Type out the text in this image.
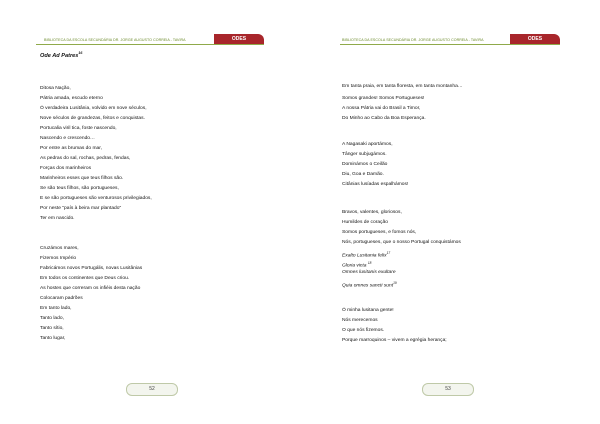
BIBLIOTECA DA ESCOLA SECUNDÁRIA DR. JORGE AUGUSTO CORREIA - TAVIRA	ODES
Ode Ad Patres$^{16}$
Ditosa Nação,
Pátria amada, escudo eterno
Ó verdadeira Lusitânia, volvido em nove séculos,
Nove séculos de grandezas, feitos e conquistas.
Portucalia viril tica, foste nascendo,
Nascendo e crescendo…
Por entre as brumas do mar,
As pedras do sal, rochas, pedras, fendas,
Forças dos marinheiros
Marinheiros esses que teus filhos são.
Se são teus filhos, são portugueses,
E se são portugueses são venturosos privilegiados,
Por neste "país à beira mar plantado"
Ter em nascido.
Cruzámos mares,
Fizemos Império
Fabricámos novos Portugális, novas Lusitânias
Em todos os continentes que Deus criou.
As hostes que correram os infiéis desta nação
Colocaram padrões
Em tanto lado,
Tanto lado,
Tanto sítio,
Tanto lugar,
52
BIBLIOTECA DA ESCOLA SECUNDÁRIA DR. JORGE AUGUSTO CORREIA - TAVIRA	ODES
Em tanta praia, em tanta floresta, em tanta montanha…
Somos grandes! Somos Portugueses!
A nossa Pátria vai do Brasil a Timor,
Do Minho ao Cabo da Boa Esperança.
A Nagasaki aportámos,
Tânger subjugámos.
Dominámos o Ceilão
Diu, Goa e Damão.
Citânias lusíadas espalhámos!
Bravos, valentes, gloriosos,
Humildes de coração
Somos portugueses, e fomos nós,
Nós, portugueses, que o nosso Portugal conquistámos
Exalto Lusitania felix$^{17}$
Gloria victa $^{18}$
Omnes lusitanis exultare
Quia omnes sancti sunt$^{19}$
Ó minha lusitana gente!
Nós merecemos
O que nós fizemos.
Porque marroquinos – vivem a egrégia herança;
53
